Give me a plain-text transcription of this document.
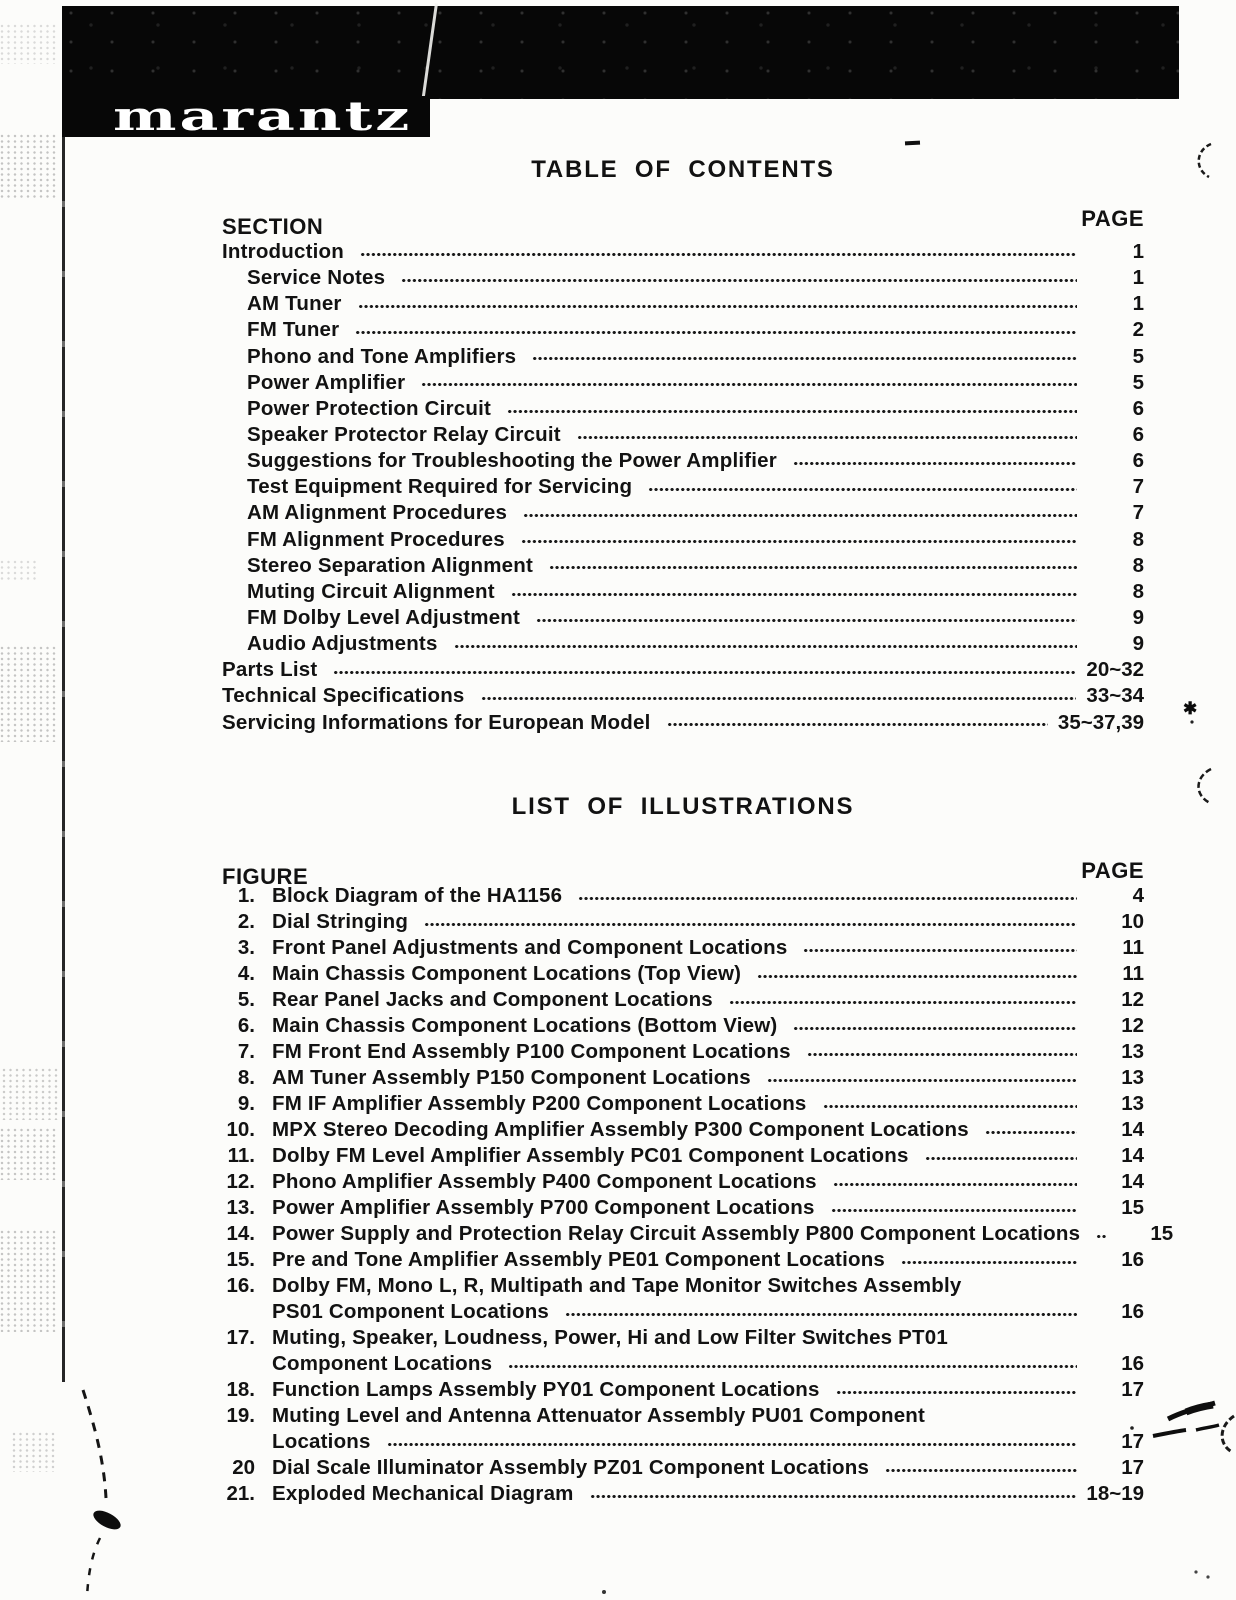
marantz
TABLE OF CONTENTS
SECTION	PAGE
Introduction	1
Service Notes	1
AM Tuner	1
FM Tuner	2
Phono and Tone Amplifiers	5
Power Amplifier	5
Power Protection Circuit	6
Speaker Protector Relay Circuit	6
Suggestions for Troubleshooting the Power Amplifier	6
Test Equipment Required for Servicing	7
AM Alignment Procedures	7
FM Alignment Procedures	8
Stereo Separation Alignment	8
Muting Circuit Alignment	8
FM Dolby Level Adjustment	9
Audio Adjustments	9
Parts List	20~32
Technical Specifications	33~34
Servicing Informations for European Model	35~37,39
LIST OF ILLUSTRATIONS
FIGURE	PAGE
1. Block Diagram of the HA1156	4
2. Dial Stringing	10
3. Front Panel Adjustments and Component Locations	11
4. Main Chassis Component Locations (Top View)	11
5. Rear Panel Jacks and Component Locations	12
6. Main Chassis Component Locations (Bottom View)	12
7. FM Front End Assembly P100 Component Locations	13
8. AM Tuner Assembly P150 Component Locations	13
9. FM IF Amplifier Assembly P200 Component Locations	13
10. MPX Stereo Decoding Amplifier Assembly P300 Component Locations	14
11. Dolby FM Level Amplifier Assembly PC01 Component Locations	14
12. Phono Amplifier Assembly P400 Component Locations	14
13. Power Amplifier Assembly P700 Component Locations	15
14. Power Supply and Protection Relay Circuit Assembly P800 Component Locations	15
15. Pre and Tone Amplifier Assembly PE01 Component Locations	16
16. Dolby FM, Mono L, R, Multipath and Tape Monitor Switches Assembly
PS01 Component Locations	16
17. Muting, Speaker, Loudness, Power, Hi and Low Filter Switches PT01
Component Locations	16
18. Function Lamps Assembly PY01 Component Locations	17
19. Muting Level and Antenna Attenuator Assembly PU01 Component
Locations	17
20 Dial Scale Illuminator Assembly PZ01 Component Locations	17
21. Exploded Mechanical Diagram	18~19
✱
